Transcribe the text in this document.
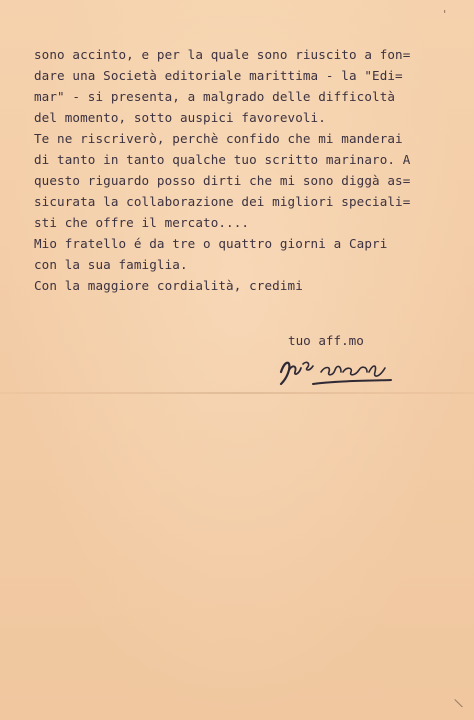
'
sono accinto, e per la quale sono riuscito a fon=
dare una Società editoriale marittima - la "Edi=
mar" - si presenta, a malgrado delle difficoltà
del momento, sotto auspici favorevoli.
Te ne riscriverò, perchè confido che mi manderai
di tanto in tanto qualche tuo scritto marinaro. A
questo riguardo posso dirti che mi sono diggà as=
sicurata la collaborazione dei migliori speciali=
sti che offre il mercato....
Mio fratello é da tre o quattro giorni a Capri
con la sua famiglia.
Con la maggiore cordialità, credimi
tuo aff.mo
\
